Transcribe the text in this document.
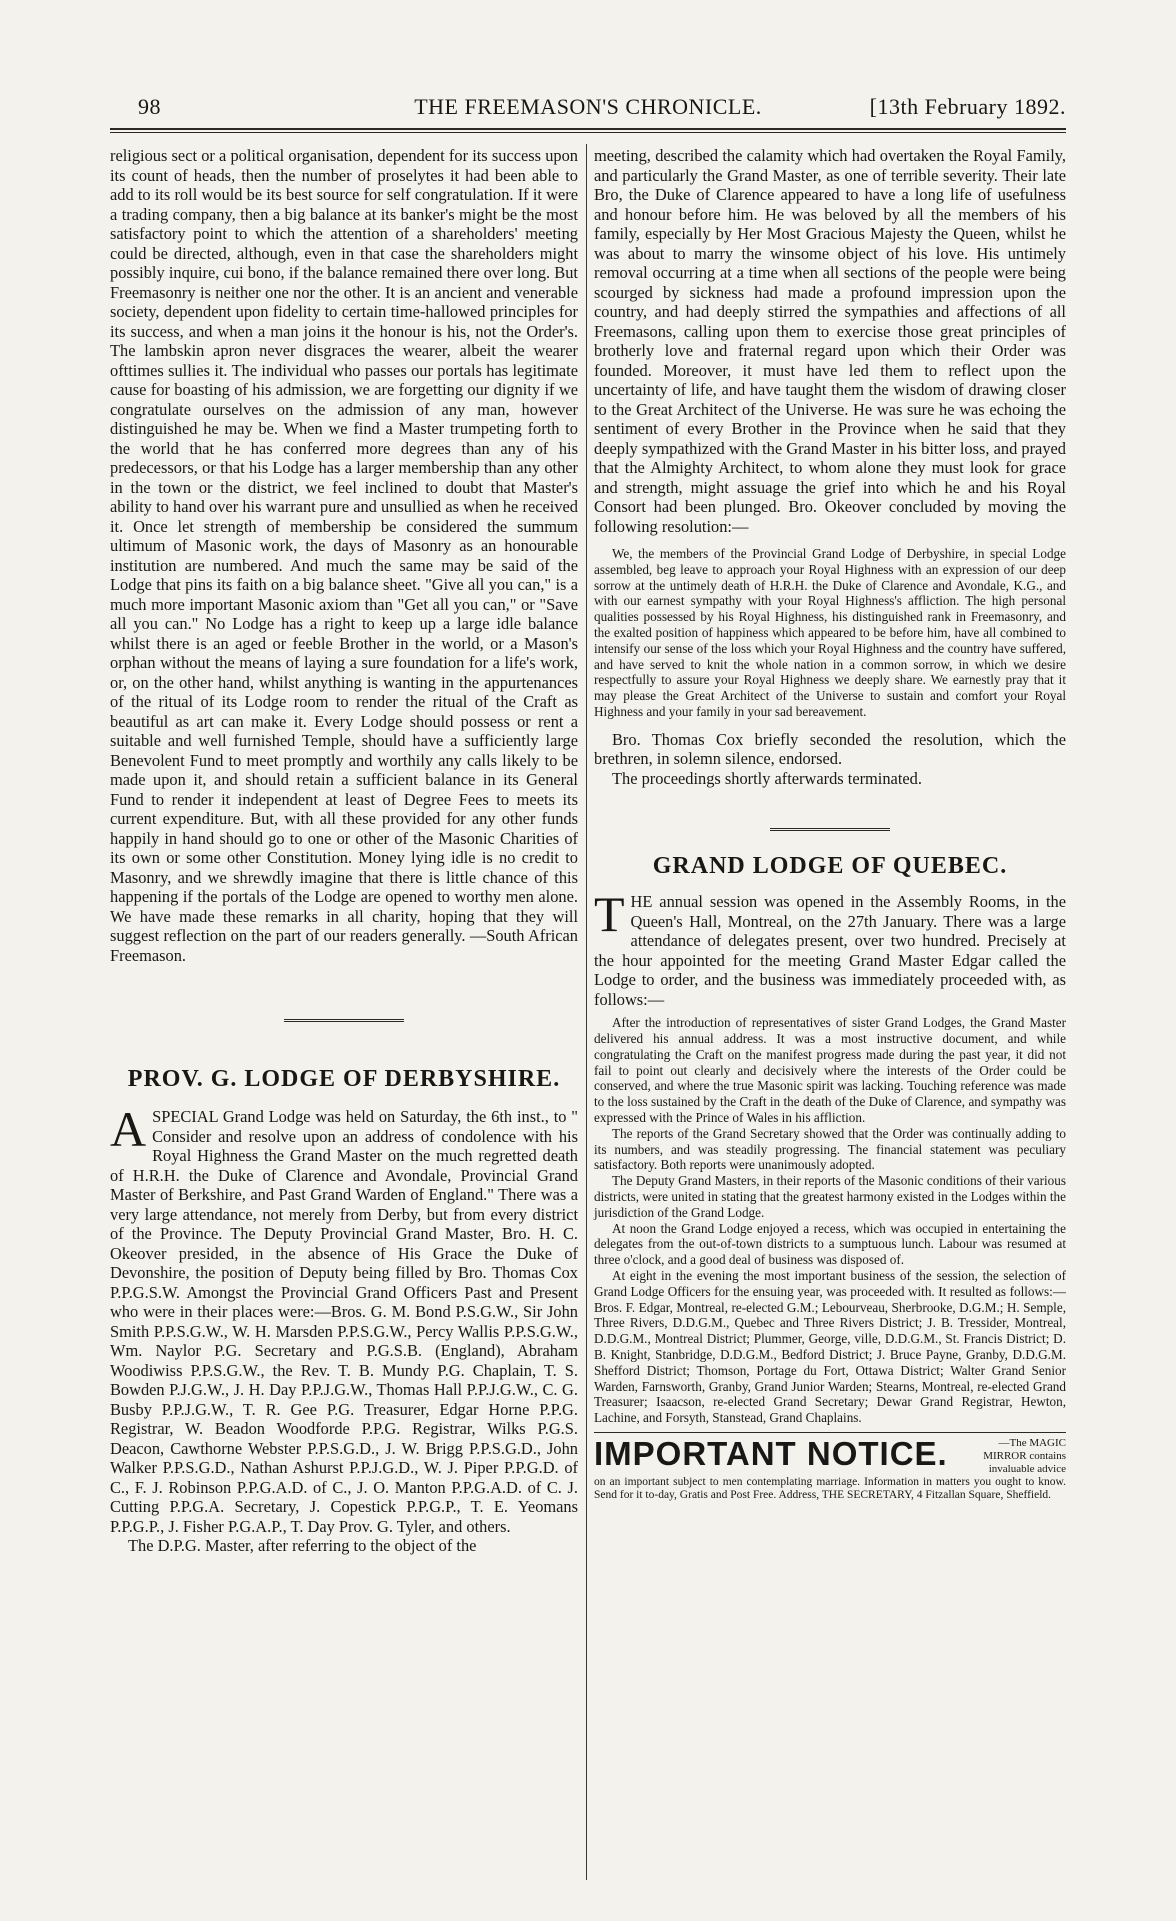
98	THE FREEMASON'S CHRONICLE.	[13th February 1892.

religious sect or a political organisation, dependent for its success upon its count of heads, then the number of proselytes it had been able to add to its roll would be its best source for self congratulation. If it were a trading company, then a big balance at its banker's might be the most satisfactory point to which the attention of a shareholders' meeting could be directed, although, even in that case the shareholders might possibly inquire, cui bono, if the balance remained there over long. But Freemasonry is neither one nor the other. It is an ancient and venerable society, dependent upon fidelity to certain time-hallowed principles for its success, and when a man joins it the honour is his, not the Order's. The lambskin apron never disgraces the wearer, albeit the wearer ofttimes sullies it. The individual who passes our portals has legitimate cause for boasting of his admission, we are forgetting our dignity if we congratulate ourselves on the admission of any man, however distinguished he may be. When we find a Master trumpeting forth to the world that he has conferred more degrees than any of his predecessors, or that his Lodge has a larger membership than any other in the town or the district, we feel inclined to doubt that Master's ability to hand over his warrant pure and unsullied as when he received it. Once let strength of membership be considered the summum ultimum of Masonic work, the days of Masonry as an honourable institution are numbered. And much the same may be said of the Lodge that pins its faith on a big balance sheet. "Give all you can," is a much more important Masonic axiom than "Get all you can," or "Save all you can." No Lodge has a right to keep up a large idle balance whilst there is an aged or feeble Brother in the world, or a Mason's orphan without the means of laying a sure foundation for a life's work, or, on the other hand, whilst anything is wanting in the appurtenances of the ritual of its Lodge room to render the ritual of the Craft as beautiful as art can make it. Every Lodge should possess or rent a suitable and well furnished Temple, should have a sufficiently large Benevolent Fund to meet promptly and worthily any calls likely to be made upon it, and should retain a sufficient balance in its General Fund to render it independent at least of Degree Fees to meets its current expenditure. But, with all these provided for any other funds happily in hand should go to one or other of the Masonic Charities of its own or some other Constitution. Money lying idle is no credit to Masonry, and we shrewdly imagine that there is little chance of this happening if the portals of the Lodge are opened to worthy men alone. We have made these remarks in all charity, hoping that they will suggest reflection on the part of our readers generally. —South African Freemason.

PROV. G. LODGE OF DERBYSHIRE.

ASPECIAL Grand Lodge was held on Saturday, the 6th inst., to " Consider and resolve upon an address of condolence with his Royal Highness the Grand Master on the much regretted death of H.R.H. the Duke of Clarence and Avondale, Provincial Grand Master of Berkshire, and Past Grand Warden of England." There was a very large attendance, not merely from Derby, but from every district of the Province. The Deputy Provincial Grand Master, Bro. H. C. Okeover presided, in the absence of His Grace the Duke of Devonshire, the position of Deputy being filled by Bro. Thomas Cox P.P.G.S.W. Amongst the Provincial Grand Officers Past and Present who were in their places were:—Bros. G. M. Bond P.S.G.W., Sir John Smith P.P.S.G.W., W. H. Marsden P.P.S.G.W., Percy Wallis P.P.S.G.W., Wm. Naylor P.G. Secretary and P.G.S.B. (England), Abraham Woodiwiss P.P.S.G.W., the Rev. T. B. Mundy P.G. Chaplain, T. S. Bowden P.J.G.W., J. H. Day P.P.J.G.W., Thomas Hall P.P.J.G.W., C. G. Busby P.P.J.G.W., T. R. Gee P.G. Treasurer, Edgar Horne P.P.G. Registrar, W. Beadon Woodforde P.P.G. Registrar, Wilks P.G.S. Deacon, Cawthorne Webster P.P.S.G.D., J. W. Brigg P.P.S.G.D., John Walker P.P.S.G.D., Nathan Ashurst P.P.J.G.D., W. J. Piper P.P.G.D. of C., F. J. Robinson P.P.G.A.D. of C., J. O. Manton P.P.G.A.D. of C. J. Cutting P.P.G.A. Secretary, J. Copestick P.P.G.P., T. E. Yeomans P.P.G.P., J. Fisher P.G.A.P., T. Day Prov. G. Tyler, and others.

The D.P.G. Master, after referring to the object of the

meeting, described the calamity which had overtaken the Royal Family, and particularly the Grand Master, as one of terrible severity. Their late Bro, the Duke of Clarence appeared to have a long life of usefulness and honour before him. He was beloved by all the members of his family, especially by Her Most Gracious Majesty the Queen, whilst he was about to marry the winsome object of his love. His untimely removal occurring at a time when all sections of the people were being scourged by sickness had made a profound impression upon the country, and had deeply stirred the sympathies and affections of all Freemasons, calling upon them to exercise those great principles of brotherly love and fraternal regard upon which their Order was founded. Moreover, it must have led them to reflect upon the uncertainty of life, and have taught them the wisdom of drawing closer to the Great Architect of the Universe. He was sure he was echoing the sentiment of every Brother in the Province when he said that they deeply sympathized with the Grand Master in his bitter loss, and prayed that the Almighty Architect, to whom alone they must look for grace and strength, might assuage the grief into which he and his Royal Consort had been plunged. Bro. Okeover concluded by moving the following resolution:—

We, the members of the Provincial Grand Lodge of Derbyshire, in special Lodge assembled, beg leave to approach your Royal Highness with an expression of our deep sorrow at the untimely death of H.R.H. the Duke of Clarence and Avondale, K.G., and with our earnest sympathy with your Royal Highness's affliction. The high personal qualities possessed by his Royal Highness, his distinguished rank in Freemasonry, and the exalted position of happiness which appeared to be before him, have all combined to intensify our sense of the loss which your Royal Highness and the country have suffered, and have served to knit the whole nation in a common sorrow, in which we desire respectfully to assure your Royal Highness we deeply share. We earnestly pray that it may please the Great Architect of the Universe to sustain and comfort your Royal Highness and your family in your sad bereavement.

Bro. Thomas Cox briefly seconded the resolution, which the brethren, in solemn silence, endorsed.

The proceedings shortly afterwards terminated.

GRAND LODGE OF QUEBEC.

THE annual session was opened in the Assembly Rooms, in the Queen's Hall, Montreal, on the 27th January. There was a large attendance of delegates present, over two hundred. Precisely at the hour appointed for the meeting Grand Master Edgar called the Lodge to order, and the business was immediately proceeded with, as follows:—

After the introduction of representatives of sister Grand Lodges, the Grand Master delivered his annual address. It was a most instructive document, and while congratulating the Craft on the manifest progress made during the past year, it did not fail to point out clearly and decisively where the interests of the Order could be conserved, and where the true Masonic spirit was lacking. Touching reference was made to the loss sustained by the Craft in the death of the Duke of Clarence, and sympathy was expressed with the Prince of Wales in his affliction.

The reports of the Grand Secretary showed that the Order was continually adding to its numbers, and was steadily progressing. The financial statement was peculiary satisfactory. Both reports were unanimously adopted.

The Deputy Grand Masters, in their reports of the Masonic conditions of their various districts, were united in stating that the greatest harmony existed in the Lodges within the jurisdiction of the Grand Lodge.

At noon the Grand Lodge enjoyed a recess, which was occupied in entertaining the delegates from the out-of-town districts to a sumptuous lunch. Labour was resumed at three o'clock, and a good deal of business was disposed of.

At eight in the evening the most important business of the session, the selection of Grand Lodge Officers for the ensuing year, was proceeded with. It resulted as follows:—Bros. F. Edgar, Montreal, re-elected G.M.; Lebourveau, Sherbrooke, D.G.M.; H. Semple, Three Rivers, D.D.G.M., Quebec and Three Rivers District; J. B. Tressider, Montreal, D.D.G.M., Montreal District; Plummer, George, ville, D.D.G.M., St. Francis District; D. B. Knight, Stanbridge, D.D.G.M., Bedford District; J. Bruce Payne, Granby, D.D.G.M. Shefford District; Thomson, Portage du Fort, Ottawa District; Walter Grand Senior Warden, Farnsworth, Granby, Grand Junior Warden; Stearns, Montreal, re-elected Grand Treasurer; Isaacson, re-elected Grand Secretary; Dewar Grand Registrar, Hewton, Lachine, and Forsyth, Stanstead, Grand Chaplains.

IMPORTANT NOTICE.	—The MAGIC MIRROR contains invaluable advice
on an important subject to men contemplating marriage. Information in matters you ought to know. Send for it to-day, Gratis and Post Free. Address, THE SECRETARY, 4 Fitzallan Square, Sheffield.
